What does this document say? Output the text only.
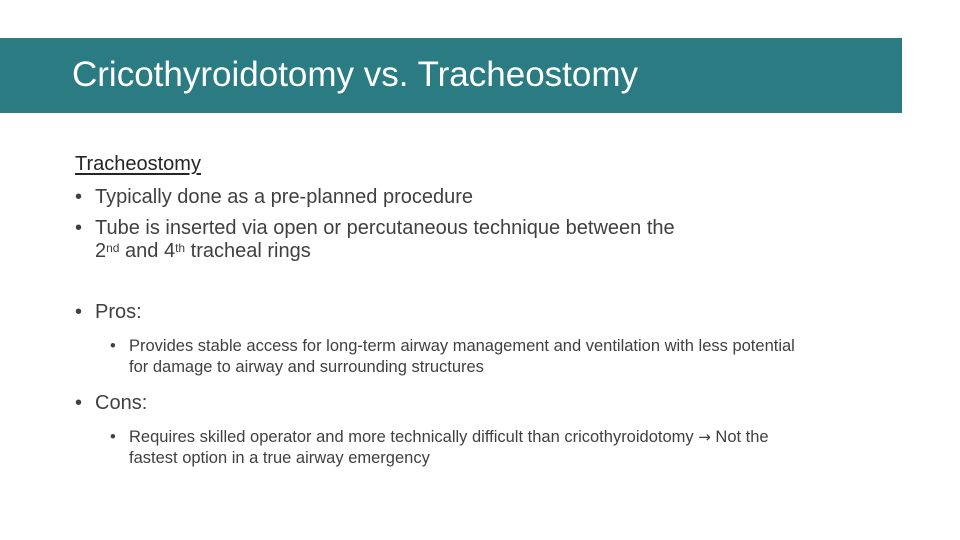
Cricothyroidotomy vs. Tracheostomy
Tracheostomy
• Typically done as a pre-planned procedure
• Tube is inserted via open or percutaneous technique between the
2nd and 4th tracheal rings
• Pros:
• Provides stable access for long-term airway management and ventilation with less potential for damage to airway and surrounding structures
• Cons:
• Requires skilled operator and more technically difficult than cricothyroidotomy → Not the fastest option in a true airway emergency
